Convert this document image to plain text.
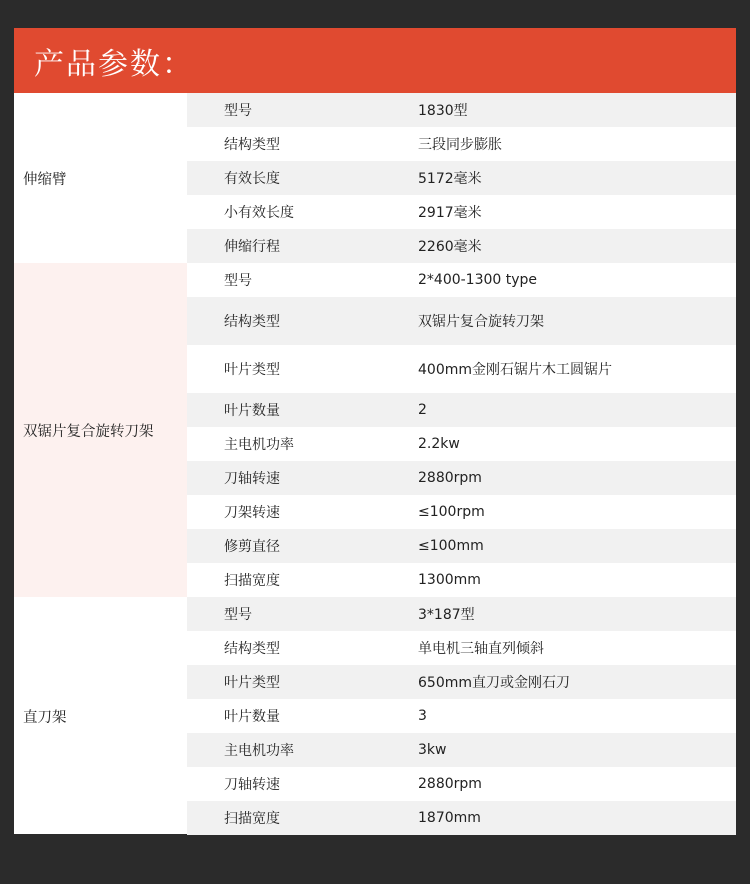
产品参数：
伸缩臂
型号	1830型
结构类型	三段同步膨胀
有效长度	5172毫米
小有效长度	2917毫米
伸缩行程	2260毫米
双锯片复合旋转刀架
型号	2*400-1300 type
结构类型	双锯片复合旋转刀架
叶片类型	400mm金刚石锯片木工圆锯片
叶片数量	2
主电机功率	2.2kw
刀轴转速	2880rpm
刀架转速	≤100rpm
修剪直径	≤100mm
扫描宽度	1300mm
直刀架
型号	3*187型
结构类型	单电机三轴直列倾斜
叶片类型	650mm直刀或金刚石刀
叶片数量	3
主电机功率	3kw
刀轴转速	2880rpm
扫描宽度	1870mm
